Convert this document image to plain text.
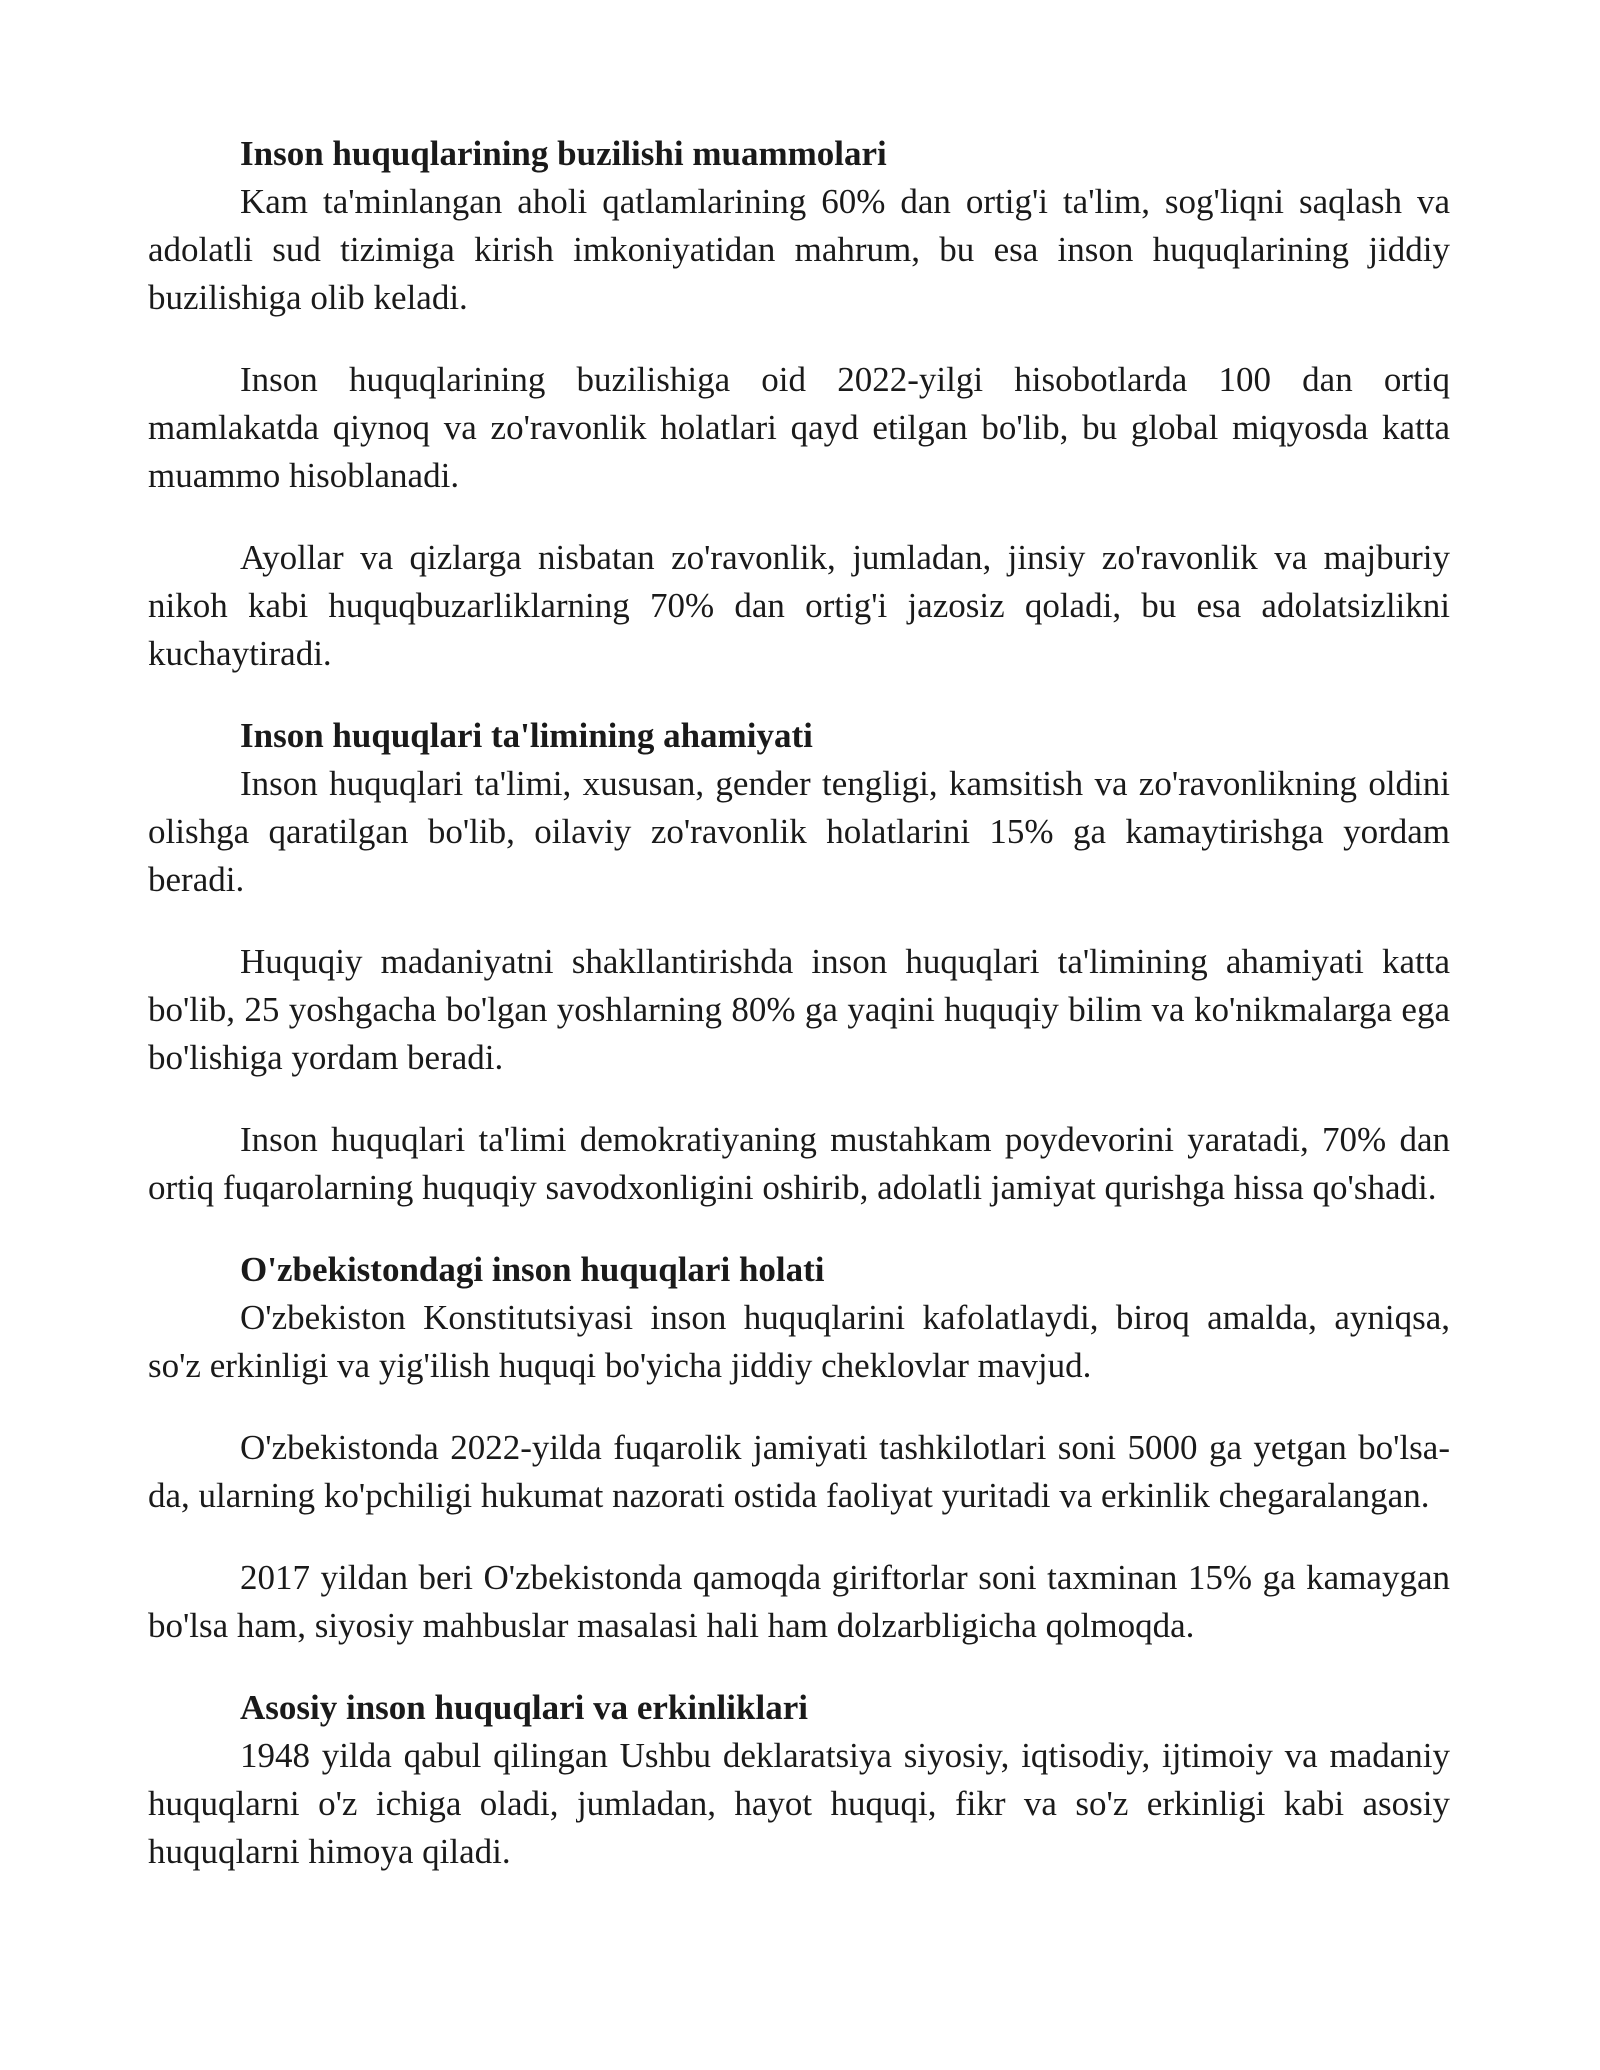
Inson huquqlarining buzilishi muammolari

Kam ta'minlangan aholi qatlamlarining 60% dan ortig'i ta'lim, sog'liqni saqlash va adolatli sud tizimiga kirish imkoniyatidan mahrum, bu esa inson huquqlarining jiddiy buzilishiga olib keladi.

Inson huquqlarining buzilishiga oid 2022-yilgi hisobotlarda 100 dan ortiq mamlakatda qiynoq va zo'ravonlik holatlari qayd etilgan bo'lib, bu global miqyosda katta muammo hisoblanadi.

Ayollar va qizlarga nisbatan zo'ravonlik, jumladan, jinsiy zo'ravonlik va majburiy nikoh kabi huquqbuzarliklarning 70% dan ortig'i jazosiz qoladi, bu esa adolatsizlikni kuchaytiradi.

Inson huquqlari ta'limining ahamiyati

Inson huquqlari ta'limi, xususan, gender tengligi, kamsitish va zo'ravonlikning oldini olishga qaratilgan bo'lib, oilaviy zo'ravonlik holatlarini 15% ga kamaytirishga yordam beradi.

Huquqiy madaniyatni shakllantirishda inson huquqlari ta'limining ahamiyati katta bo'lib, 25 yoshgacha bo'lgan yoshlarning 80% ga yaqini huquqiy bilim va ko'nikmalarga ega bo'lishiga yordam beradi.

Inson huquqlari ta'limi demokratiyaning mustahkam poydevorini yaratadi, 70% dan ortiq fuqarolarning huquqiy savodxonligini oshirib, adolatli jamiyat qurishga hissa qo'shadi.

O'zbekistondagi inson huquqlari holati

O'zbekiston Konstitutsiyasi inson huquqlarini kafolatlaydi, biroq amalda, ayniqsa, so'z erkinligi va yig'ilish huquqi bo'yicha jiddiy cheklovlar mavjud.

O'zbekistonda 2022-yilda fuqarolik jamiyati tashkilotlari soni 5000 ga yetgan bo'lsa-da, ularning ko'pchiligi hukumat nazorati ostida faoliyat yuritadi va erkinlik chegaralangan.

2017 yildan beri O'zbekistonda qamoqda giriftorlar soni taxminan 15% ga kamaygan bo'lsa ham, siyosiy mahbuslar masalasi hali ham dolzarbligicha qolmoqda.

Asosiy inson huquqlari va erkinliklari

1948 yilda qabul qilingan Ushbu deklaratsiya siyosiy, iqtisodiy, ijtimoiy va madaniy huquqlarni o'z ichiga oladi, jumladan, hayot huquqi, fikr va so'z erkinligi kabi asosiy huquqlarni himoya qiladi.
